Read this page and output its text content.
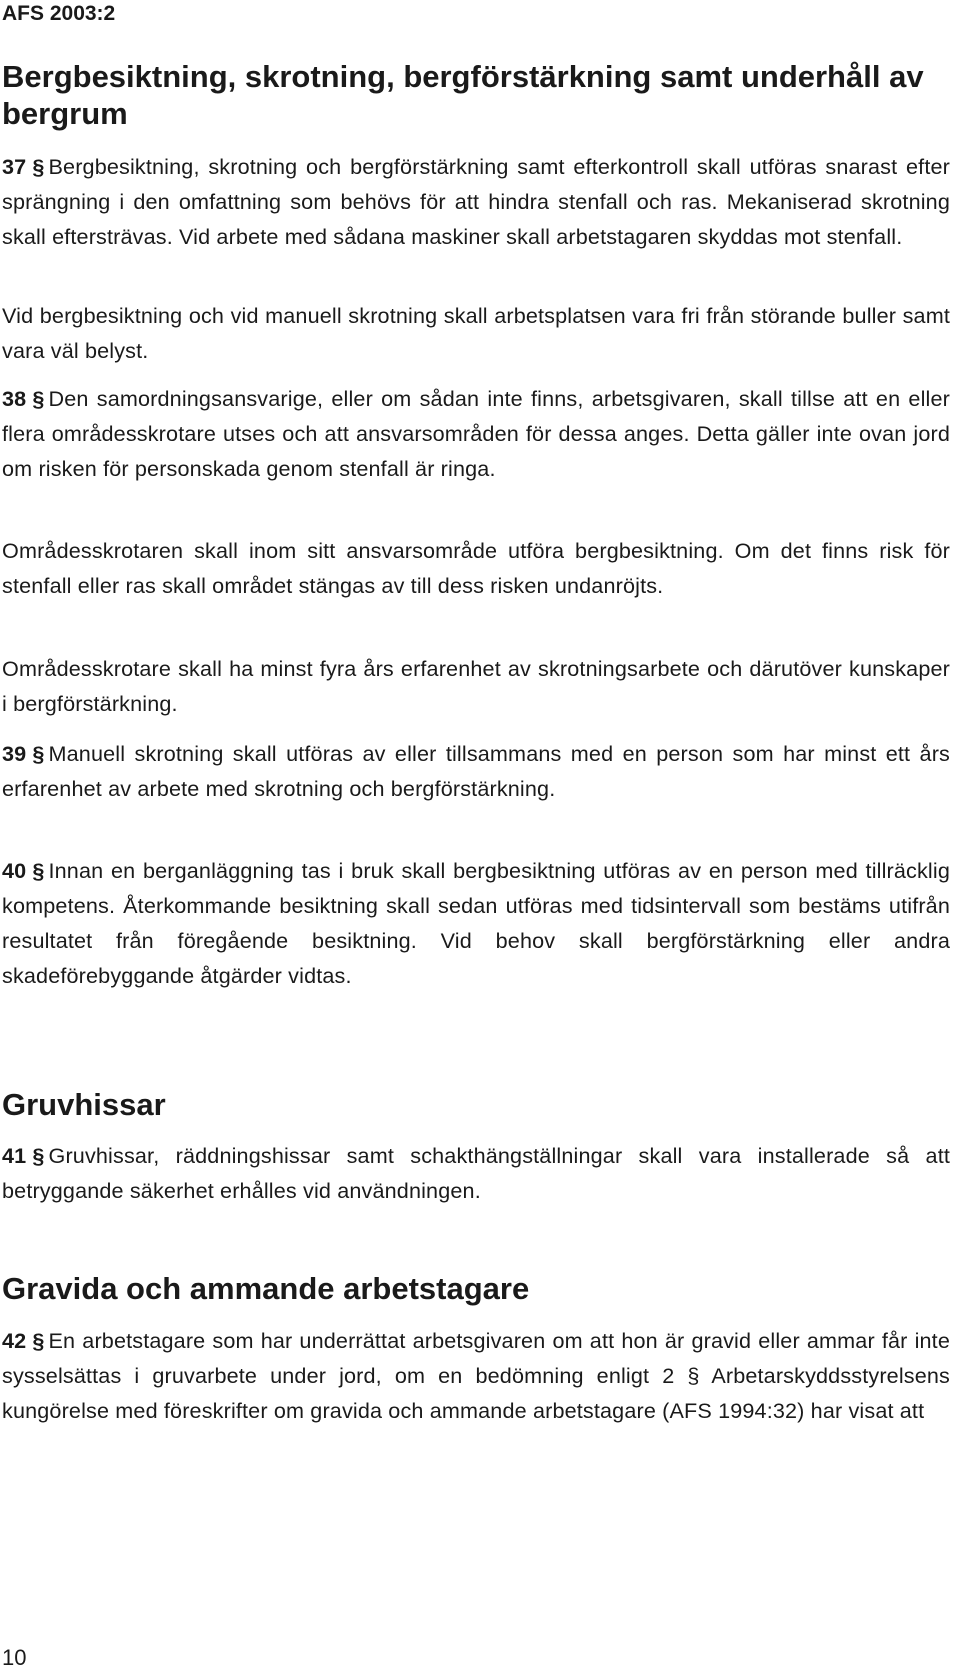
AFS 2003:2
Bergbesiktning, skrotning, bergförstärkning samt underhåll av bergrum

37 § Bergbesiktning, skrotning och bergförstärkning samt efterkontroll skall utföras snarast efter sprängning i den omfattning som behövs för att hindra stenfall och ras. Mekaniserad skrotning skall eftersträvas. Vid arbete med sådana maskiner skall arbetstagaren skyddas mot stenfall.

Vid bergbesiktning och vid manuell skrotning skall arbetsplatsen vara fri från störande buller samt vara väl belyst.

38 § Den samordningsansvarige, eller om sådan inte finns, arbetsgivaren, skall tillse att en eller flera områdesskrotare utses och att ansvarsområden för dessa anges. Detta gäller inte ovan jord om risken för personskada genom stenfall är ringa.

Områdesskrotaren skall inom sitt ansvarsområde utföra bergbesiktning. Om det finns risk för stenfall eller ras skall området stängas av till dess risken undanröjts.

Områdesskrotare skall ha minst fyra års erfarenhet av skrotningsarbete och därutöver kunskaper i bergförstärkning.

39 § Manuell skrotning skall utföras av eller tillsammans med en person som har minst ett års erfarenhet av arbete med skrotning och bergförstärkning.

40 § Innan en berganläggning tas i bruk skall bergbesiktning utföras av en person med tillräcklig kompetens. Återkommande besiktning skall sedan utföras med tidsintervall som bestäms utifrån resultatet från föregående besiktning. Vid behov skall bergförstärkning eller andra skadeförebyggande åtgärder vidtas.

Gruvhissar

41 § Gruvhissar, räddningshissar samt schakthängställningar skall vara installerade så att betryggande säkerhet erhålles vid användningen.

Gravida och ammande arbetstagare

42 § En arbetstagare som har underrättat arbetsgivaren om att hon är gravid eller ammar får inte sysselsättas i gruvarbete under jord, om en bedömning enligt 2 § Arbetarskyddsstyrelsens kungörelse med föreskrifter om gravida och ammande arbetstagare (AFS 1994:32) har visat att

10
